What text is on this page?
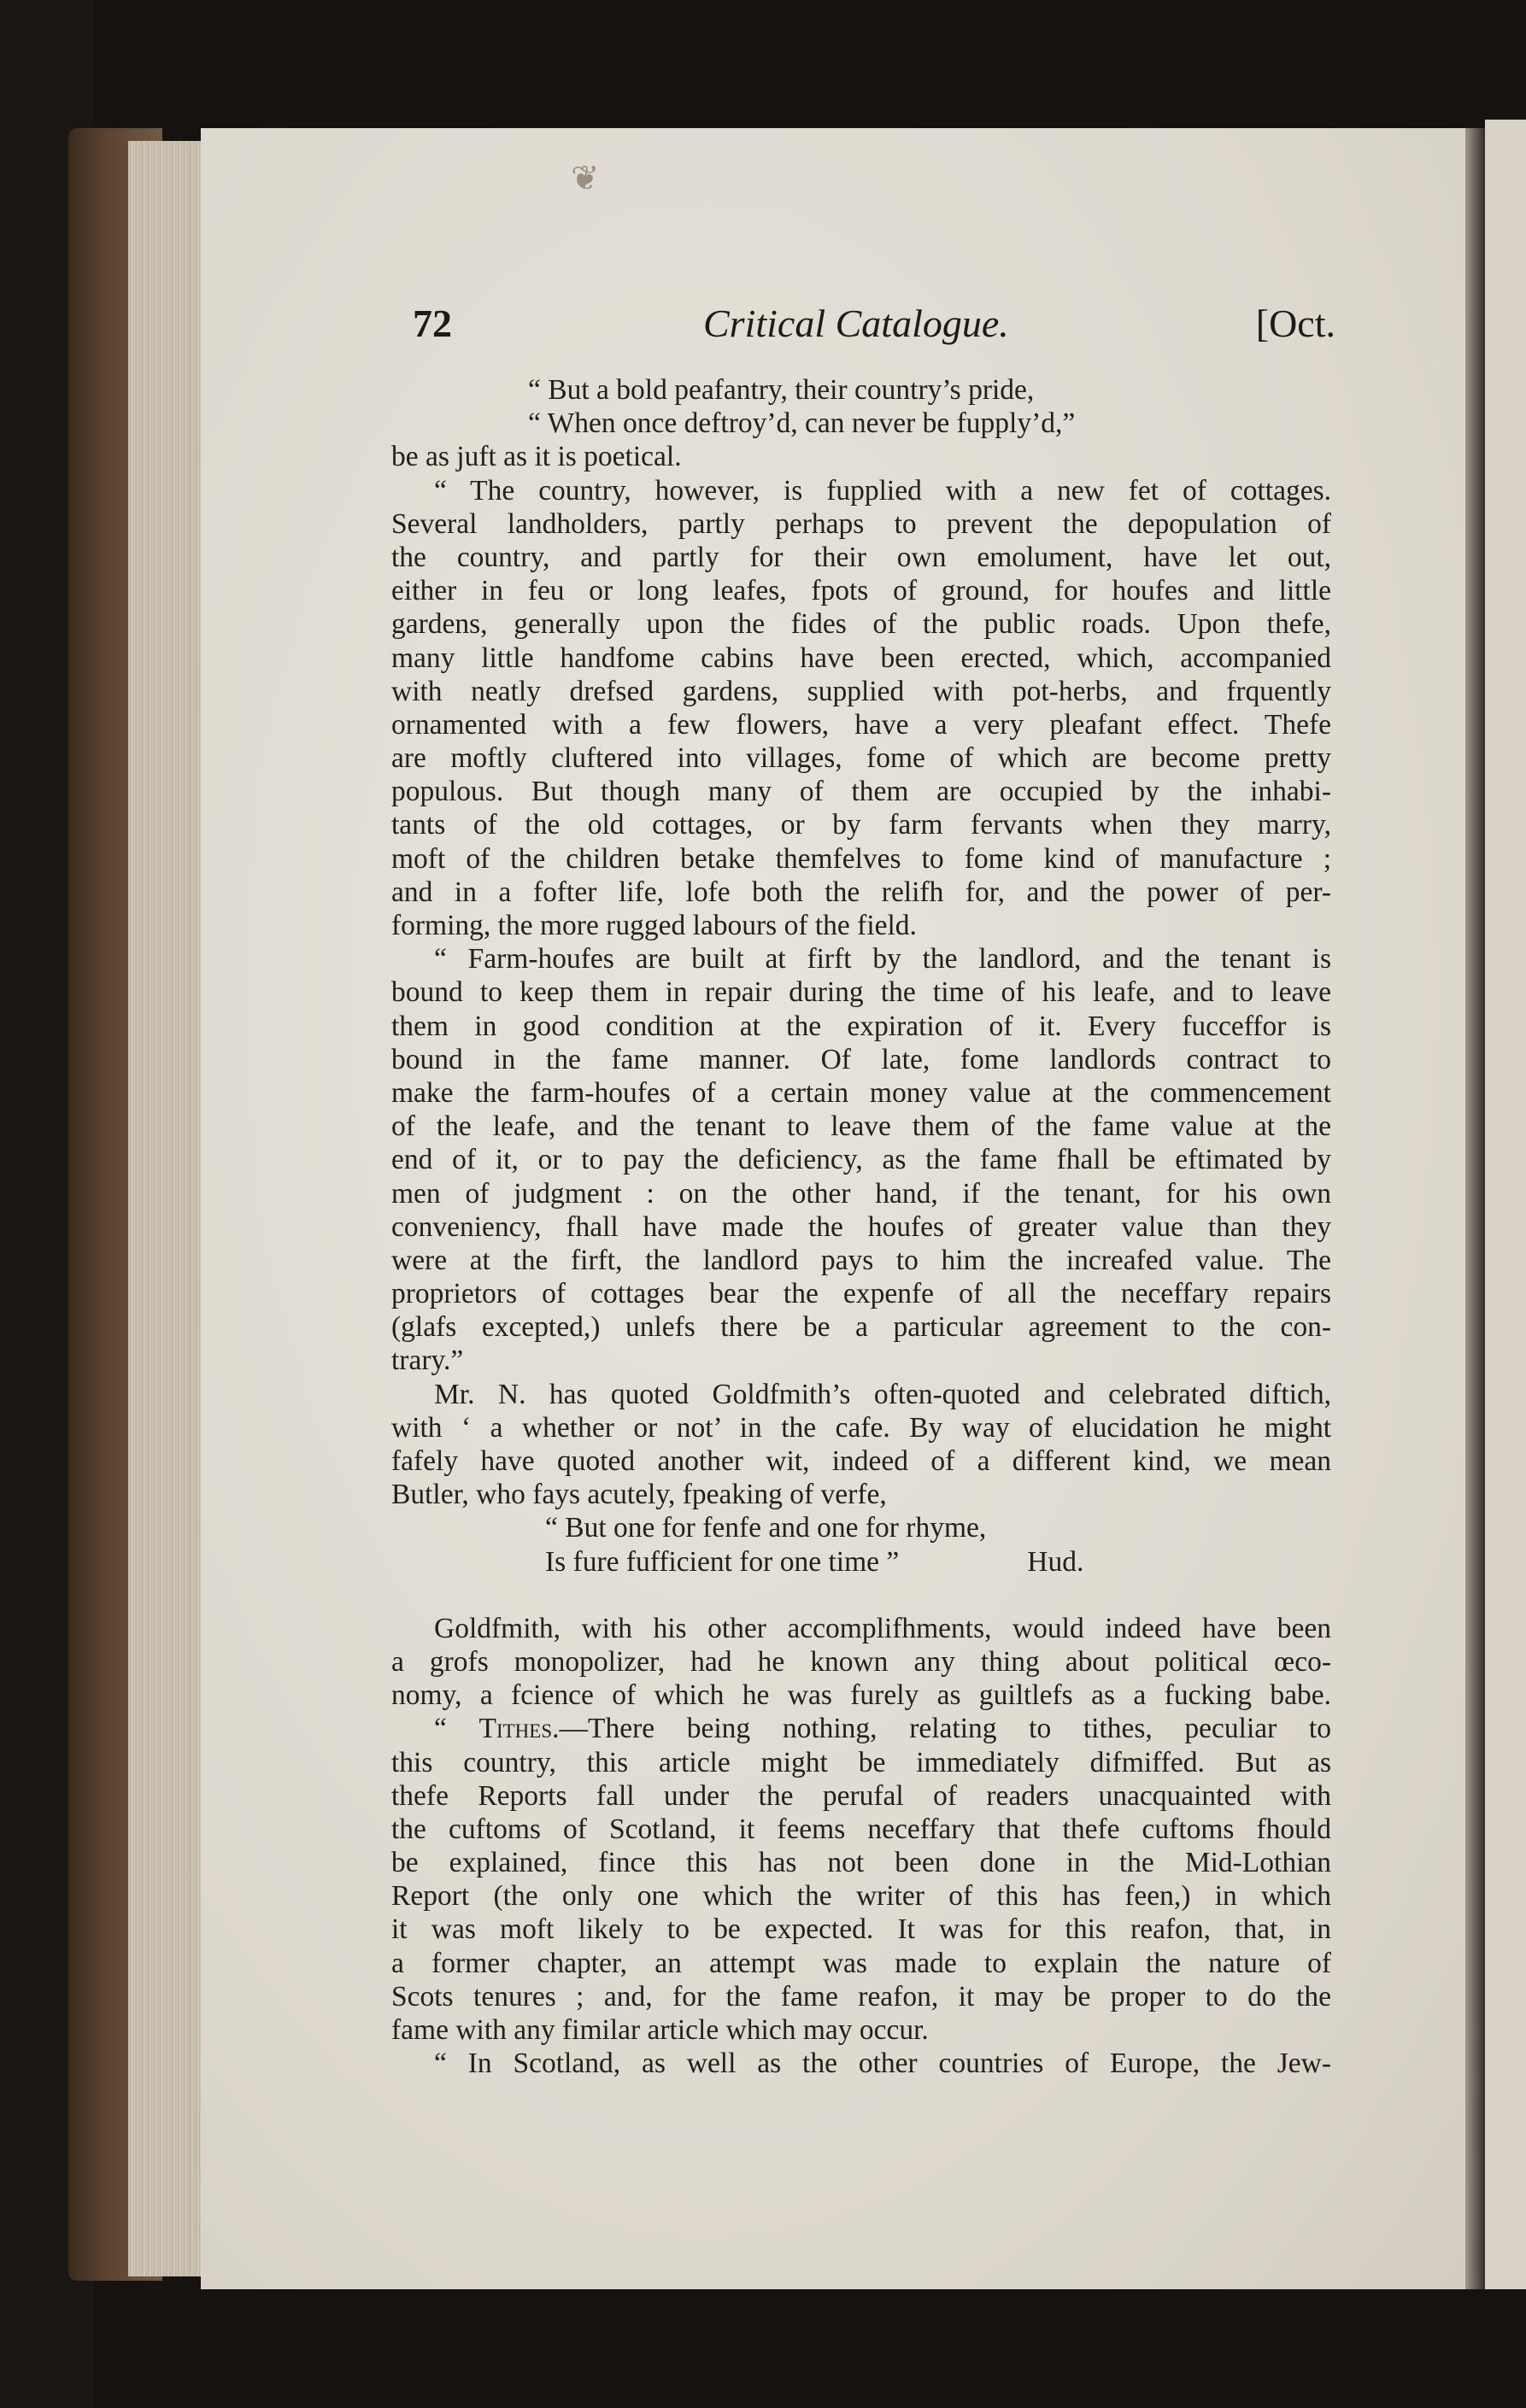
❦
72	Critical Catalogue.	[Oct.
“ But a bold peafantry, their country’s pride,
“ When once deftroy’d, can never be fupply’d,”
be as juft as it is poetical.
“ The country, however, is fupplied with a new fet of cottages.
Several landholders, partly perhaps to prevent the depopulation of
the country, and partly for their own emolument, have let out,
either in feu or long leafes, fpots of ground, for houfes and little
gardens, generally upon the fides of the public roads. Upon thefe,
many little handfome cabins have been erected, which, accompanied
with neatly drefsed gardens, supplied with pot-herbs, and frquently
ornamented with a few flowers, have a very pleafant effect. Thefe
are moftly cluftered into villages, fome of which are become pretty
populous. But though many of them are occupied by the inhabi-
tants of the old cottages, or by farm fervants when they marry,
moft of the children betake themfelves to fome kind of manufacture ;
and in a fofter life, lofe both the relifh for, and the power of per-
forming, the more rugged labours of the field.
“ Farm-houfes are built at firft by the landlord, and the tenant is
bound to keep them in repair during the time of his leafe, and to leave
them in good condition at the expiration of it. Every fucceffor is
bound in the fame manner. Of late, fome landlords contract to
make the farm-houfes of a certain money value at the commencement
of the leafe, and the tenant to leave them of the fame value at the
end of it, or to pay the deficiency, as the fame fhall be eftimated by
men of judgment : on the other hand, if the tenant, for his own
conveniency, fhall have made the houfes of greater value than they
were at the firft, the landlord pays to him the increafed value. The
proprietors of cottages bear the expenfe of all the neceffary repairs
(glafs excepted,) unlefs there be a particular agreement to the con-
trary.”
Mr. N. has quoted Goldfmith’s often-quoted and celebrated diftich,
with ‘ a whether or not’ in the cafe. By way of elucidation he might
fafely have quoted another wit, indeed of a different kind, we mean
Butler, who fays acutely, fpeaking of verfe,
“ But one for fenfe and one for rhyme,
Is fure fufficient for one time ”	Hud.
Goldfmith, with his other accomplifhments, would indeed have been
a grofs monopolizer, had he known any thing about political œco-
nomy, a fcience of which he was furely as guiltlefs as a fucking babe.
“ Tithes.—There being nothing, relating to tithes, peculiar to
this country, this article might be immediately difmiffed. But as
thefe Reports fall under the perufal of readers unacquainted with
the cuftoms of Scotland, it feems neceffary that thefe cuftoms fhould
be explained, fince this has not been done in the Mid-Lothian
Report (the only one which the writer of this has feen,) in which
it was moft likely to be expected. It was for this reafon, that, in
a former chapter, an attempt was made to explain the nature of
Scots tenures ; and, for the fame reafon, it may be proper to do the
fame with any fimilar article which may occur.
“ In Scotland, as well as the other countries of Europe, the Jew-
